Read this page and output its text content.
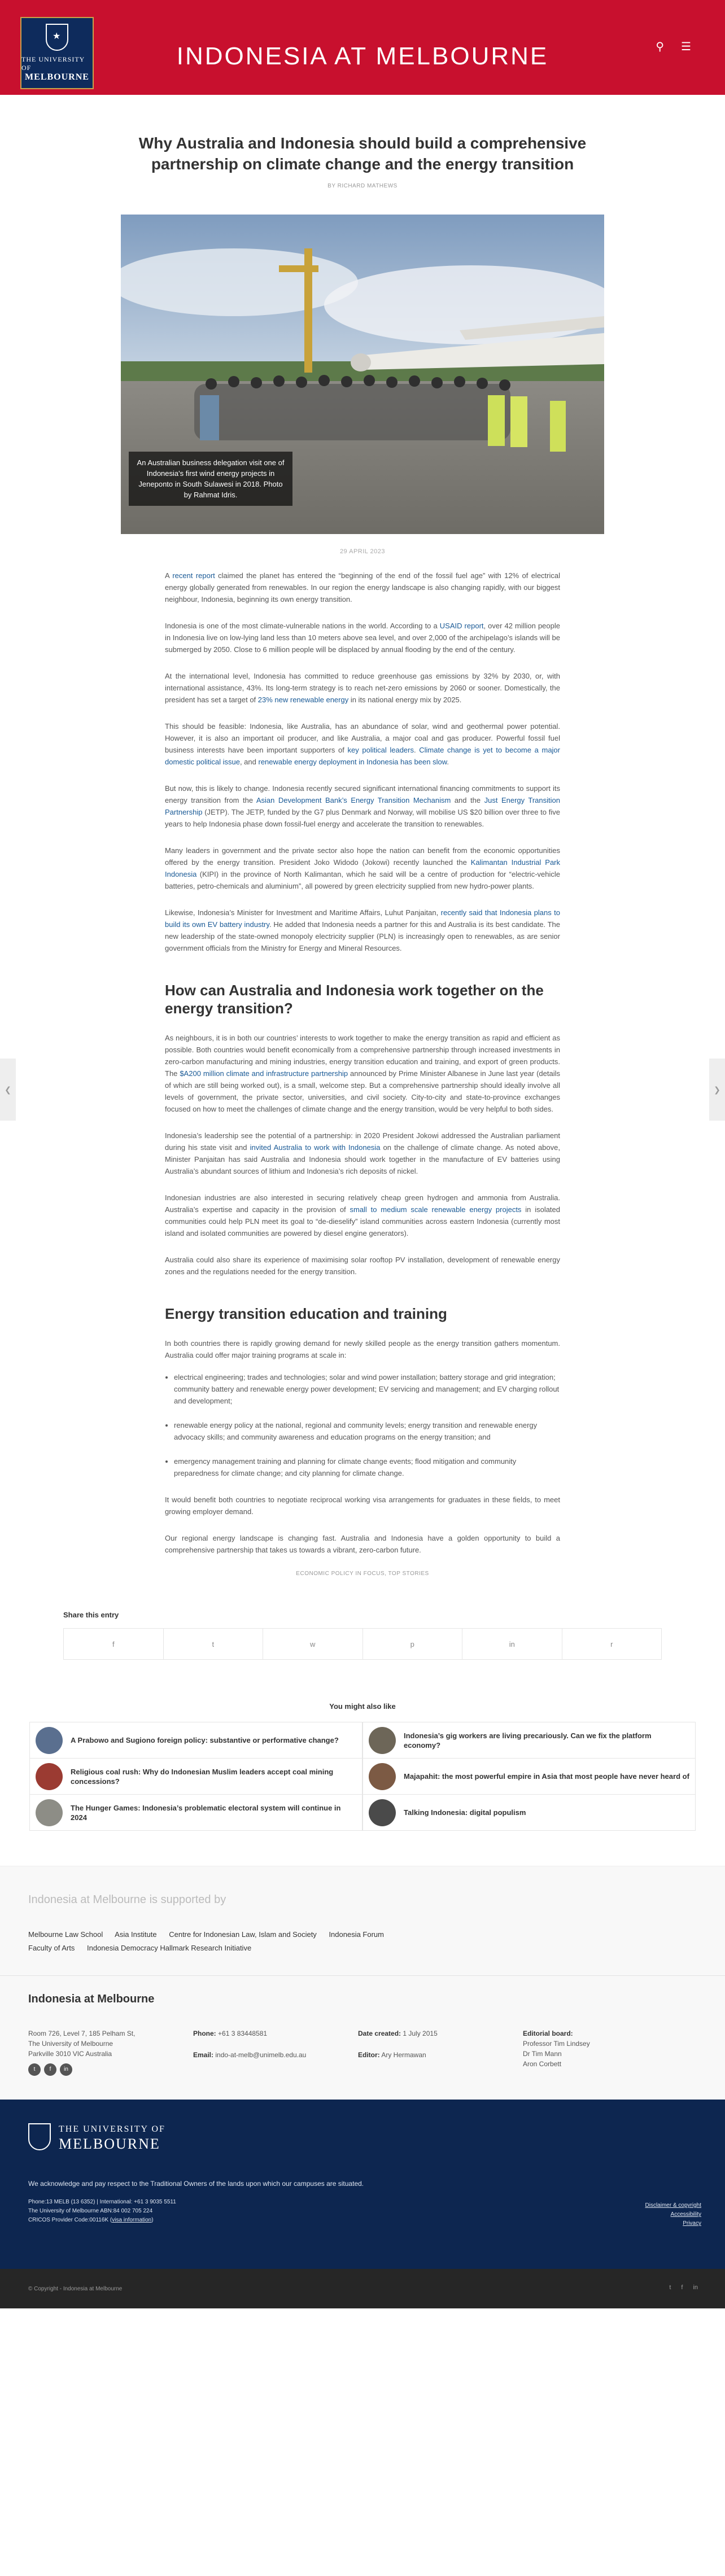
★
THE UNIVERSITY OF
MELBOURNE
INDONESIA AT MELBOURNE	⚲ ☰
❮	❯
Why Australia and Indonesia should build a comprehensive partnership on climate change and the energy transition
BY RICHARD MATHEWS
An Australian business delegation visit one of Indonesia's first wind energy projects in Jeneponto in South Sulawesi in 2018. Photo by Rahmat Idris.
29 APRIL 2023

A recent report claimed the planet has entered the “beginning of the end of the fossil fuel age” with 12% of electrical energy globally generated from renewables. In our region the energy landscape is also changing rapidly, with our biggest neighbour, Indonesia, beginning its own energy transition.

Indonesia is one of the most climate-vulnerable nations in the world. According to a USAID report, over 42 million people in Indonesia live on low-lying land less than 10 meters above sea level, and over 2,000 of the archipelago’s islands will be submerged by 2050. Close to 6 million people will be displaced by annual flooding by the end of the century.

At the international level, Indonesia has committed to reduce greenhouse gas emissions by 32% by 2030, or, with international assistance, 43%. Its long-term strategy is to reach net-zero emissions by 2060 or sooner. Domestically, the president has set a target of 23% new renewable energy in its national energy mix by 2025.

This should be feasible: Indonesia, like Australia, has an abundance of solar, wind and geothermal power potential. However, it is also an important oil producer, and like Australia, a major coal and gas producer. Powerful fossil fuel business interests have been important supporters of key political leaders. Climate change is yet to become a major domestic political issue, and renewable energy deployment in Indonesia has been slow.

But now, this is likely to change. Indonesia recently secured significant international financing commitments to support its energy transition from the Asian Development Bank’s Energy Transition Mechanism and the Just Energy Transition Partnership (JETP). The JETP, funded by the G7 plus Denmark and Norway, will mobilise US $20 billion over three to five years to help Indonesia phase down fossil-fuel energy and accelerate the transition to renewables.

Many leaders in government and the private sector also hope the nation can benefit from the economic opportunities offered by the energy transition. President Joko Widodo (Jokowi) recently launched the Kalimantan Industrial Park Indonesia (KIPI) in the province of North Kalimantan, which he said will be a centre of production for “electric-vehicle batteries, petro-chemicals and aluminium”, all powered by green electricity supplied from new hydro-power plants.

Likewise, Indonesia’s Minister for Investment and Maritime Affairs, Luhut Panjaitan, recently said that Indonesia plans to build its own EV battery industry. He added that Indonesia needs a partner for this and Australia is its best candidate. The new leadership of the state-owned monopoly electricity supplier (PLN) is increasingly open to renewables, as are senior government officials from the Ministry for Energy and Mineral Resources.

How can Australia and Indonesia work together on the energy transition?

As neighbours, it is in both our countries’ interests to work together to make the energy transition as rapid and efficient as possible. Both countries would benefit economically from a comprehensive partnership through increased investments in zero-carbon manufacturing and mining industries, energy transition education and training, and export of green products. The $A200 million climate and infrastructure partnership announced by Prime Minister Albanese in June last year (details of which are still being worked out), is a small, welcome step. But a comprehensive partnership should ideally involve all levels of government, the private sector, universities, and civil society. City-to-city and state-to-province exchanges focused on how to meet the challenges of climate change and the energy transition, would be very helpful to both sides.

Indonesia’s leadership see the potential of a partnership: in 2020 President Jokowi addressed the Australian parliament during his state visit and invited Australia to work with Indonesia on the challenge of climate change. As noted above, Minister Panjaitan has said Australia and Indonesia should work together in the manufacture of EV batteries using Australia’s abundant sources of lithium and Indonesia’s rich deposits of nickel.

Indonesian industries are also interested in securing relatively cheap green hydrogen and ammonia from Australia. Australia’s expertise and capacity in the provision of small to medium scale renewable energy projects in isolated communities could help PLN meet its goal to “de-dieselify” island communities across eastern Indonesia (currently most island and isolated communities are powered by diesel engine generators).

Australia could also share its experience of maximising solar rooftop PV installation, development of renewable energy zones and the regulations needed for the energy transition.

Energy transition education and training

In both countries there is rapidly growing demand for newly skilled people as the energy transition gathers momentum. Australia could offer major training programs at scale in:

• electrical engineering; trades and technologies; solar and wind power installation; battery storage and grid integration; community battery and renewable energy power development; EV servicing and management; and EV charging rollout and development;
• renewable energy policy at the national, regional and community levels; energy transition and renewable energy advocacy skills; and community awareness and education programs on the energy transition; and
• emergency management training and planning for climate change events; flood mitigation and community preparedness for climate change; and city planning for climate change.

It would benefit both countries to negotiate reciprocal working visa arrangements for graduates in these fields, to meet growing employer demand.

Our regional energy landscape is changing fast. Australia and Indonesia have a golden opportunity to build a comprehensive partnership that takes us towards a vibrant, zero-carbon future.

ECONOMIC POLICY IN FOCUS, TOP STORIES
Share this entry
f	t	w	p	in	r
You might also like
A Prabowo and Sugiono foreign policy: substantive or performative change?
Indonesia’s gig workers are living precariously. Can we fix the platform economy?
Religious coal rush: Why do Indonesian Muslim leaders accept coal mining concessions?
Majapahit: the most powerful empire in Asia that most people have never heard of
The Hunger Games: Indonesia’s problematic electoral system will continue in 2024
Talking Indonesia: digital populism
Indonesia at Melbourne is supported by
Melbourne Law School Asia Institute Centre for Indonesian Law, Islam and Society Indonesia Forum
Faculty of Arts Indonesia Democracy Hallmark Research Initiative
Indonesia at Melbourne
Room 726, Level 7, 185 Pelham St,
The University of Melbourne
Parkville 3010 VIC Australia
t	f	in
Phone: +61 3 83448581
Email: indo-at-melb@unimelb.edu.au
Date created: 1 July 2015
Editor: Ary Hermawan
Editorial board:
Professor Tim Lindsey
Dr Tim Mann
Aron Corbett
THE UNIVERSITY OF
MELBOURNE
We acknowledge and pay respect to the Traditional Owners of the lands upon which our campuses are situated.
Phone:13 MELB (13 6352) | International: +61 3 9035 5511
The University of Melbourne ABN:84 002 705 224
CRICOS Provider Code:00116K (visa information)
Disclaimer & copyright
Accessibility
Privacy
© Copyright - Indonesia at Melbourne	t f in
